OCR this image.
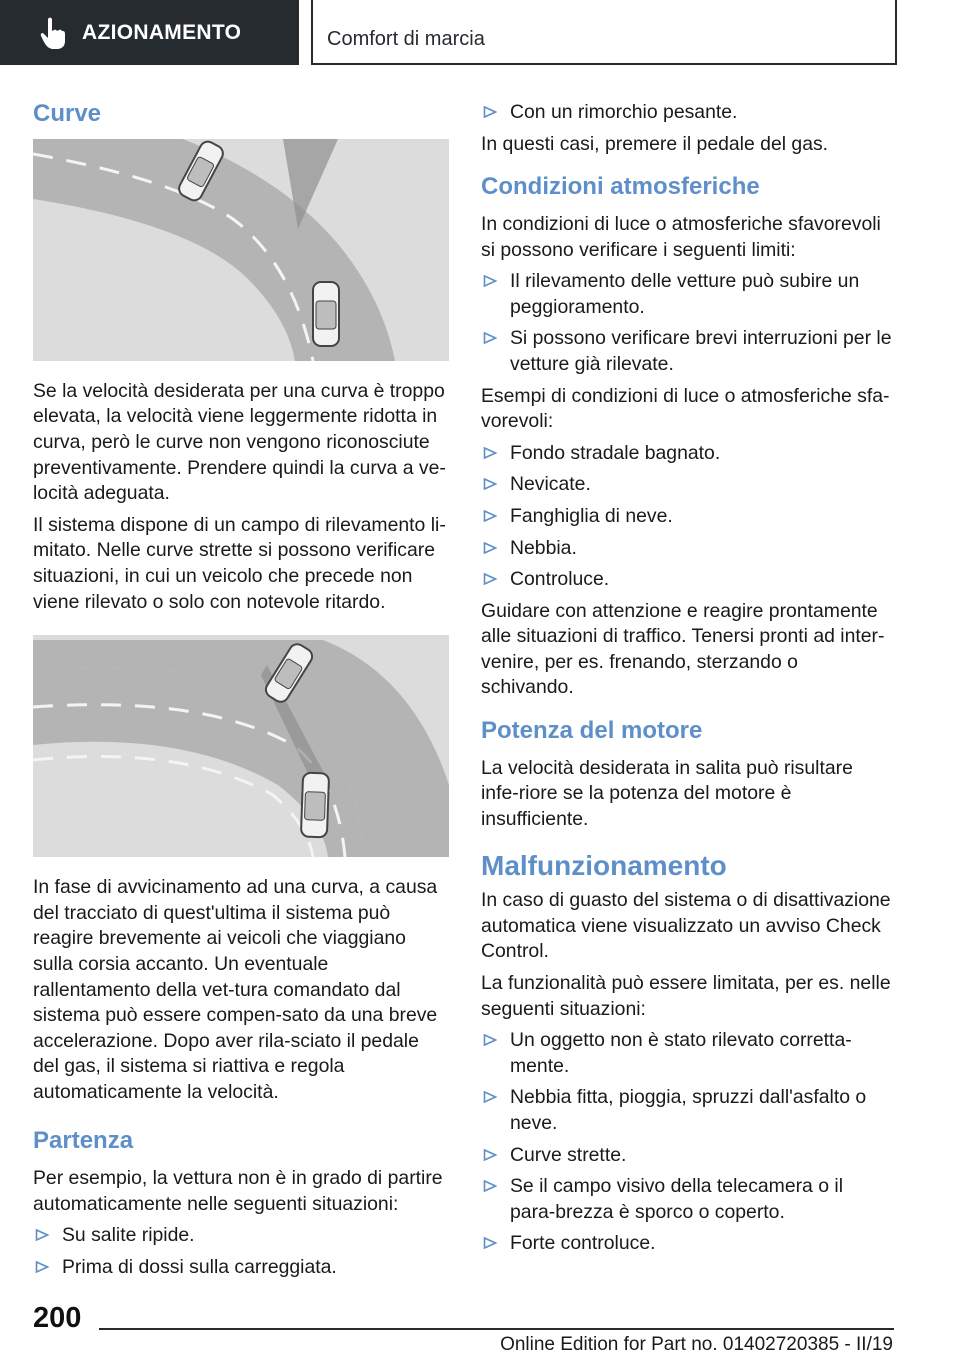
AZIONAMENTO	Comfort di marcia
Curve

Se la velocità desiderata per una curva è troppo elevata, la velocità viene leggermente ridotta in curva, però le curve non vengono riconosciute preventivamente. Prendere quindi la curva a ve-locità adeguata.

Il sistema dispone di un campo di rilevamento li-mitato. Nelle curve strette si possono verificare situazioni, in cui un veicolo che precede non viene rilevato o solo con notevole ritardo.

In fase di avvicinamento ad una curva, a causa del tracciato di quest'ultima il sistema può reagire brevemente ai veicoli che viaggiano sulla corsia accanto. Un eventuale rallentamento della vet-tura comandato dal sistema può essere compen-sato da una breve accelerazione. Dopo aver rila-sciato il pedale del gas, il sistema si riattiva e regola automaticamente la velocità.

Partenza

Per esempio, la vettura non è in grado di partire automaticamente nelle seguenti situazioni:

Su salite ripide.
Prima di dossi sulla carreggiata.
Con un rimorchio pesante.

In questi casi, premere il pedale del gas.

Condizioni atmosferiche

In condizioni di luce o atmosferiche sfavorevoli si possono verificare i seguenti limiti:

Il rilevamento delle vetture può subire un peggioramento.
Si possono verificare brevi interruzioni per le vetture già rilevate.

Esempi di condizioni di luce o atmosferiche sfa-vorevoli:

Fondo stradale bagnato.
Nevicate.
Fanghiglia di neve.
Nebbia.
Controluce.

Guidare con attenzione e reagire prontamente alle situazioni di traffico. Tenersi pronti ad inter-venire, per es. frenando, sterzando o schivando.

Potenza del motore

La velocità desiderata in salita può risultare infe-riore se la potenza del motore è insufficiente.

Malfunzionamento

In caso di guasto del sistema o di disattivazione automatica viene visualizzato un avviso Check Control.

La funzionalità può essere limitata, per es. nelle seguenti situazioni:

Un oggetto non è stato rilevato corretta-mente.
Nebbia fitta, pioggia, spruzzi dall'asfalto o neve.
Curve strette.
Se il campo visivo della telecamera o il para-brezza è sporco o coperto.
Forte controluce.
200
Online Edition for Part no. 01402720385 - II/19
